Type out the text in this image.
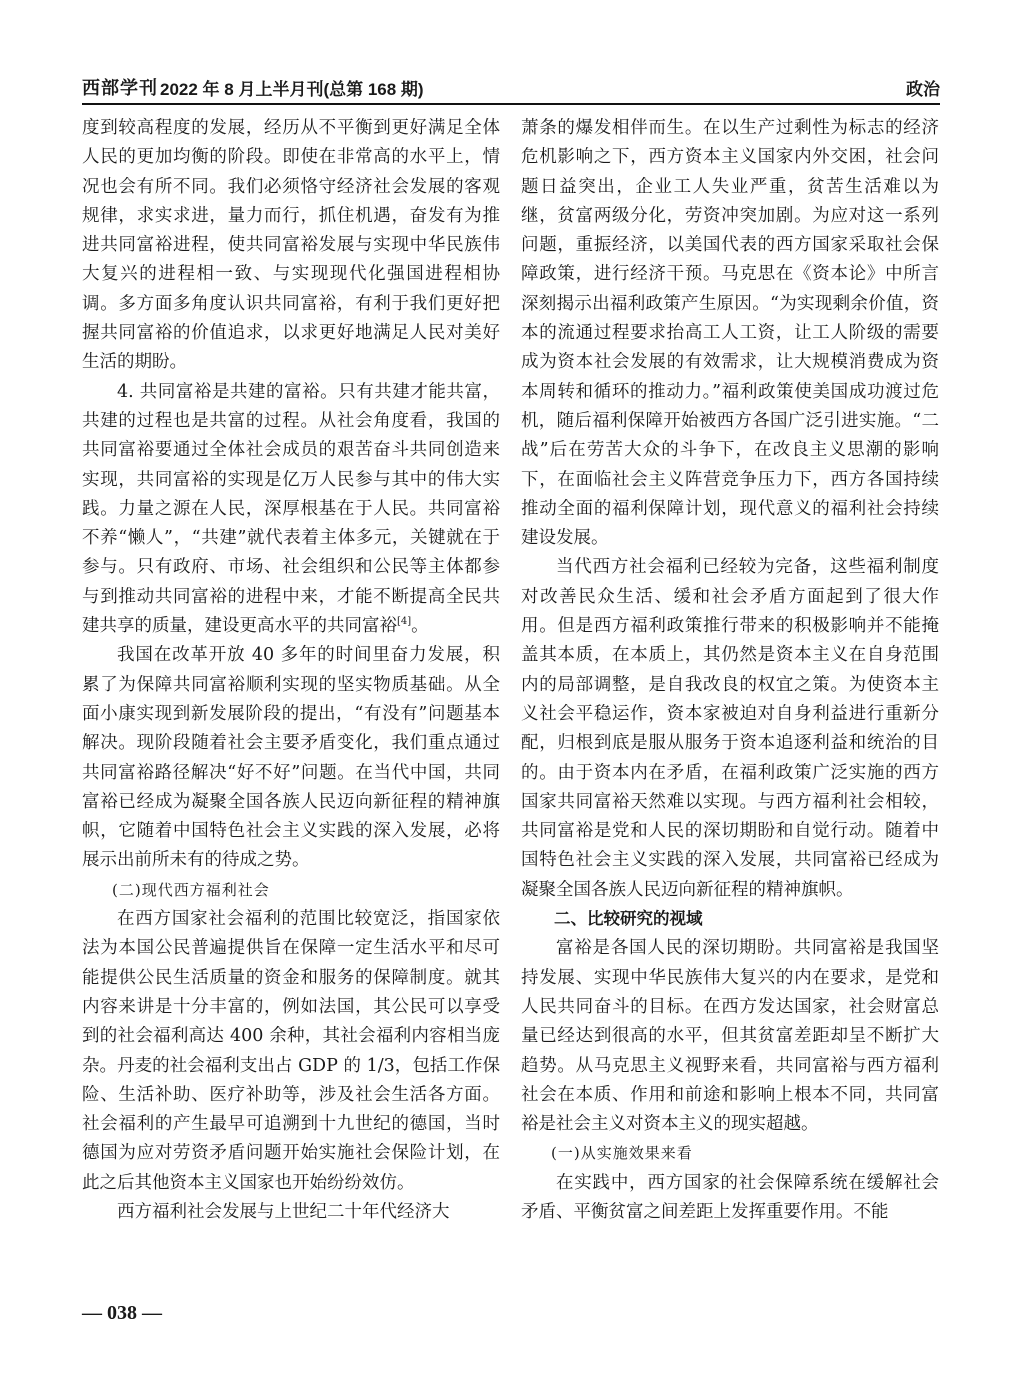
西部学刊 2022 年 8 月上半月刊(总第 168 期)	政治

度到较高程度的发展，经历从不平衡到更好满足全体人民的更加均衡的阶段。即使在非常高的水平上，情况也会有所不同。我们必须恪守经济社会发展的客观规律，求实求进，量力而行，抓住机遇，奋发有为推进共同富裕进程，使共同富裕发展与实现中华民族伟大复兴的进程相一致、与实现现代化强国进程相协调。多方面多角度认识共同富裕，有利于我们更好把握共同富裕的价值追求，以求更好地满足人民对美好生活的期盼。

4. 共同富裕是共建的富裕。只有共建才能共富，共建的过程也是共富的过程。从社会角度看，我国的共同富裕要通过全体社会成员的艰苦奋斗共同创造来实现，共同富裕的实现是亿万人民参与其中的伟大实践。力量之源在人民，深厚根基在于人民。共同富裕不养“懒人”，“共建”就代表着主体多元，关键就在于参与。只有政府、市场、社会组织和公民等主体都参与到推动共同富裕的进程中来，才能不断提高全民共建共享的质量，建设更高水平的共同富裕[4]。

我国在改革开放 40 多年的时间里奋力发展，积累了为保障共同富裕顺利实现的坚实物质基础。从全面小康实现到新发展阶段的提出，“有没有”问题基本解决。现阶段随着社会主要矛盾变化，我们重点通过共同富裕路径解决“好不好”问题。在当代中国，共同富裕已经成为凝聚全国各族人民迈向新征程的精神旗帜，它随着中国特色社会主义实践的深入发展，必将展示出前所未有的待成之势。

(二)现代西方福利社会

在西方国家社会福利的范围比较宽泛，指国家依法为本国公民普遍提供旨在保障一定生活水平和尽可能提供公民生活质量的资金和服务的保障制度。就其内容来讲是十分丰富的，例如法国，其公民可以享受到的社会福利高达 400 余种，其社会福利内容相当庞杂。丹麦的社会福利支出占 GDP 的 1/3，包括工作保险、生活补助、医疗补助等，涉及社会生活各方面。社会福利的产生最早可追溯到十九世纪的德国，当时德国为应对劳资矛盾问题开始实施社会保险计划，在此之后其他资本主义国家也开始纷纷效仿。

西方福利社会发展与上世纪二十年代经济大

萧条的爆发相伴而生。在以生产过剩性为标志的经济危机影响之下，西方资本主义国家内外交困，社会问题日益突出，企业工人失业严重，贫苦生活难以为继，贫富两级分化，劳资冲突加剧。为应对这一系列问题，重振经济，以美国代表的西方国家采取社会保障政策，进行经济干预。马克思在《资本论》中所言深刻揭示出福利政策产生原因。“为实现剩余价值，资本的流通过程要求抬高工人工资，让工人阶级的需要成为资本社会发展的有效需求，让大规模消费成为资本周转和循环的推动力。”福利政策使美国成功渡过危机，随后福利保障开始被西方各国广泛引进实施。“二战”后在劳苦大众的斗争下，在改良主义思潮的影响下，在面临社会主义阵营竞争压力下，西方各国持续推动全面的福利保障计划，现代意义的福利社会持续建设发展。

当代西方社会福利已经较为完备，这些福利制度对改善民众生活、缓和社会矛盾方面起到了很大作用。但是西方福利政策推行带来的积极影响并不能掩盖其本质，在本质上，其仍然是资本主义在自身范围内的局部调整，是自我改良的权宜之策。为使资本主义社会平稳运作，资本家被迫对自身利益进行重新分配，归根到底是服从服务于资本追逐利益和统治的目的。由于资本内在矛盾，在福利政策广泛实施的西方国家共同富裕天然难以实现。与西方福利社会相较，共同富裕是党和人民的深切期盼和自觉行动。随着中国特色社会主义实践的深入发展，共同富裕已经成为凝聚全国各族人民迈向新征程的精神旗帜。

二、比较研究的视域

富裕是各国人民的深切期盼。共同富裕是我国坚持发展、实现中华民族伟大复兴的内在要求，是党和人民共同奋斗的目标。在西方发达国家，社会财富总量已经达到很高的水平，但其贫富差距却呈不断扩大趋势。从马克思主义视野来看，共同富裕与西方福利社会在本质、作用和前途和影响上根本不同，共同富裕是社会主义对资本主义的现实超越。

(一)从实施效果来看

在实践中，西方国家的社会保障系统在缓解社会矛盾、平衡贫富之间差距上发挥重要作用。不能

— 038 —
